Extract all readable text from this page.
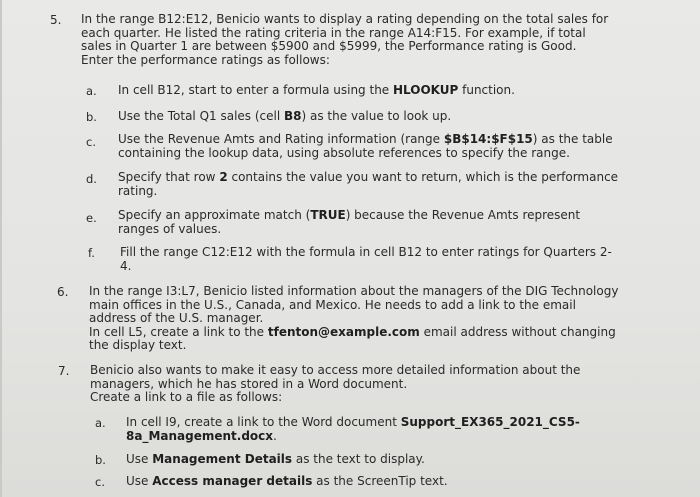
5. In the range B12:E12, Benicio wants to display a rating depending on the total sales for
each quarter. He listed the rating criteria in the range A14:F15. For example, if total
sales in Quarter 1 are between $5900 and $5999, the Performance rating is Good.
Enter the performance ratings as follows:
a. In cell B12, start to enter a formula using the HLOOKUP function.
b. Use the Total Q1 sales (cell B8) as the value to look up.
c. Use the Revenue Amts and Rating information (range $B$14:$F$15) as the table
containing the lookup data, using absolute references to specify the range.
d. Specify that row 2 contains the value you want to return, which is the performance
rating.
e. Specify an approximate match (TRUE) because the Revenue Amts represent
ranges of values.
f. Fill the range C12:E12 with the formula in cell B12 to enter ratings for Quarters 2-
4.
6. In the range I3:L7, Benicio listed information about the managers of the DIG Technology
main offices in the U.S., Canada, and Mexico. He needs to add a link to the email
address of the U.S. manager.
In cell L5, create a link to the tfenton@example.com email address without changing
the display text.
7. Benicio also wants to make it easy to access more detailed information about the
managers, which he has stored in a Word document.
Create a link to a file as follows:
a. In cell I9, create a link to the Word document Support_EX365_2021_CS5-
8a_Management.docx.
b. Use Management Details as the text to display.
c. Use Access manager details as the ScreenTip text.
